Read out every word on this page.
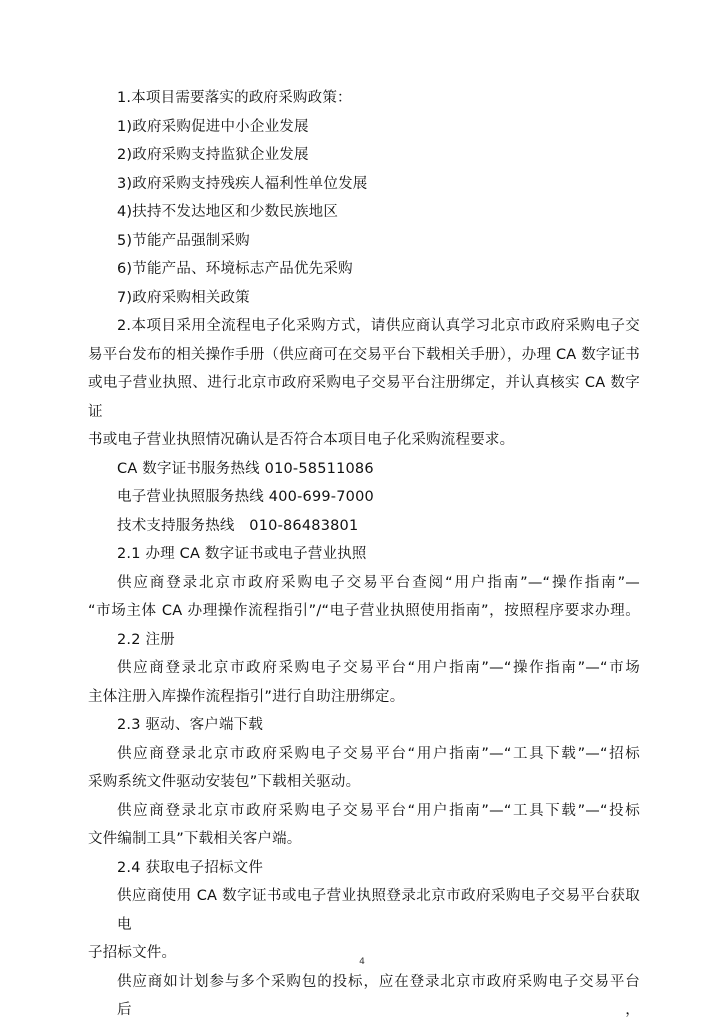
1.本项目需要落实的政府采购政策：
1)政府采购促进中小企业发展
2)政府采购支持监狱企业发展
3)政府采购支持残疾人福利性单位发展
4)扶持不发达地区和少数民族地区
5)节能产品强制采购
6)节能产品、环境标志产品优先采购
7)政府采购相关政策
2.本项目采用全流程电子化采购方式，请供应商认真学习北京市政府采购电子交
易平台发布的相关操作手册（供应商可在交易平台下载相关手册），办理 CA 数字证书
或电子营业执照、进行北京市政府采购电子交易平台注册绑定，并认真核实 CA 数字证
书或电子营业执照情况确认是否符合本项目电子化采购流程要求。
CA 数字证书服务热线 010-58511086
电子营业执照服务热线 400-699-7000
技术支持服务热线　010-86483801
2.1 办理 CA 数字证书或电子营业执照
供应商登录北京市政府采购电子交易平台查阅“用户指南”—“操作指南”—
“市场主体 CA 办理操作流程指引”/“电子营业执照使用指南”，按照程序要求办理。
2.2 注册
供应商登录北京市政府采购电子交易平台“用户指南”—“操作指南”—“市场
主体注册入库操作流程指引”进行自助注册绑定。
2.3 驱动、客户端下载
供应商登录北京市政府采购电子交易平台“用户指南”—“工具下载”—“招标
采购系统文件驱动安装包”下载相关驱动。
供应商登录北京市政府采购电子交易平台“用户指南”—“工具下载”—“投标
文件编制工具”下载相关客户端。
2.4 获取电子招标文件
供应商使用 CA 数字证书或电子营业执照登录北京市政府采购电子交易平台获取电
子招标文件。
供应商如计划参与多个采购包的投标，应在登录北京市政府采购电子交易平台后，
4
